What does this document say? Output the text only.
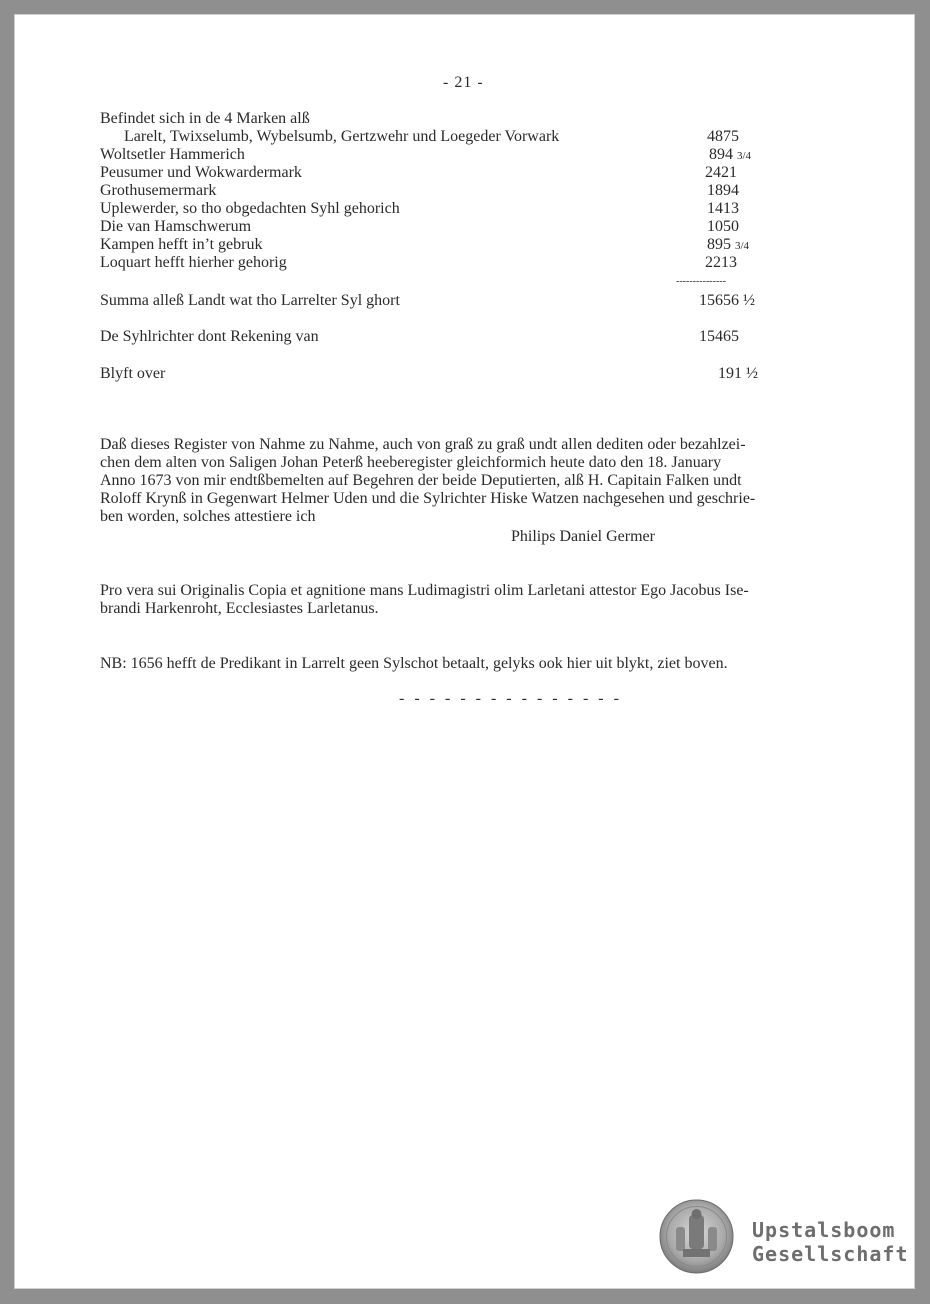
- 21 -
Befindet sich in de 4 Marken alß
Larelt, Twixselumb, Wybelsumb, Gertzwehr und Loegeder Vorwark	4875
Woltsetler Hammerich	894 3/4
Peusumer und Wokwardermark	2421
Grothusemermark	1894
Uplewerder, so tho obgedachten Syhl gehorich	1413
Die van Hamschwerum	1050
Kampen hefft in’t gebruk	895 3/4
Loquart hefft hierher gehorig	2213
---------------
Summa alleß Landt wat tho Larrelter Syl ghort	15656 ½
De Syhlrichter dont Rekening van	15465
Blyft over	191 ½
Daß dieses Register von Nahme zu Nahme, auch von graß zu graß undt allen dediten oder bezahlzei-
chen dem alten von Saligen Johan Peterß heeberegister gleichformich heute dato den 18. January
Anno 1673 von mir endtßbemelten auf Begehren der beide Deputierten, alß H. Capitain Falken undt
Roloff Krynß in Gegenwart Helmer Uden und die Sylrichter Hiske Watzen nachgesehen und geschrie-
ben worden, solches attestiere ich
Philips Daniel Germer
Pro vera sui Originalis Copia et agnitione mans Ludimagistri olim Larletani attestor Ego Jacobus Ise-
brandi Harkenroht, Ecclesiastes Larletanus.
NB: 1656 hefft de Predikant in Larrelt geen Sylschot betaalt, gelyks ook hier uit blykt, ziet boven.
- - - - - - - - - - - - - - -
Upstalsboom
Gesellschaft
